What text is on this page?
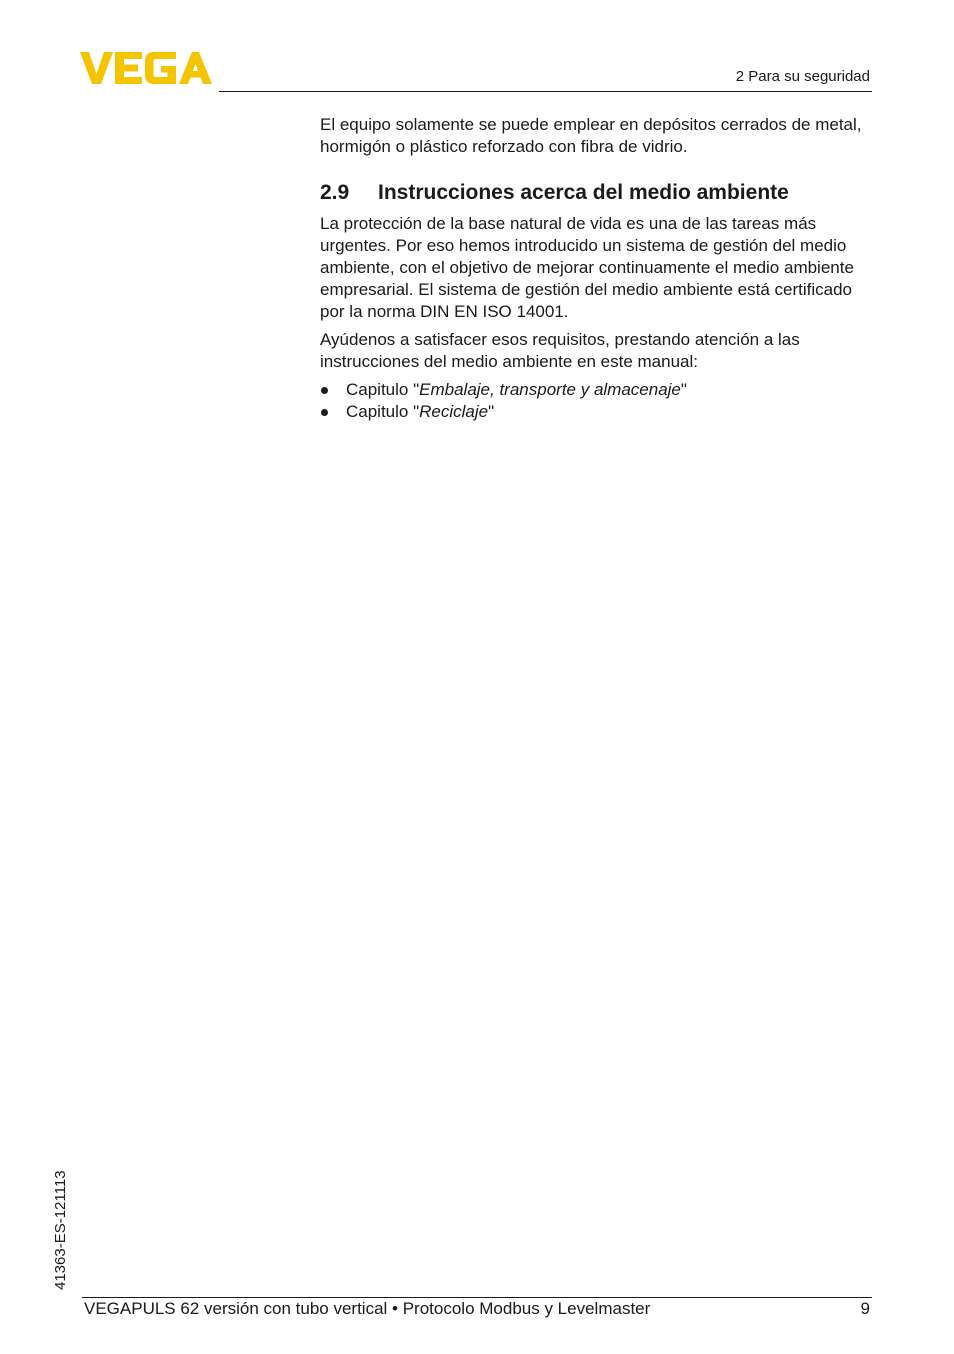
2 Para su seguridad

El equipo solamente se puede emplear en depósitos cerrados de metal, hormigón o plástico reforzado con fibra de vidrio.

2.9 Instrucciones acerca del medio ambiente

La protección de la base natural de vida es una de las tareas más urgentes. Por eso hemos introducido un sistema de gestión del medio ambiente, con el objetivo de mejorar continuamente el medio ambiente empresarial. El sistema de gestión del medio ambiente está certificado por la norma DIN EN ISO 14001.

Ayúdenos a satisfacer esos requisitos, prestando atención a las instrucciones del medio ambiente en este manual:

Capitulo "Embalaje, transporte y almacenaje"
Capitulo "Reciclaje"
41363-ES-121113
VEGAPULS 62 versión con tubo vertical • Protocolo Modbus y Levelmaster	9
